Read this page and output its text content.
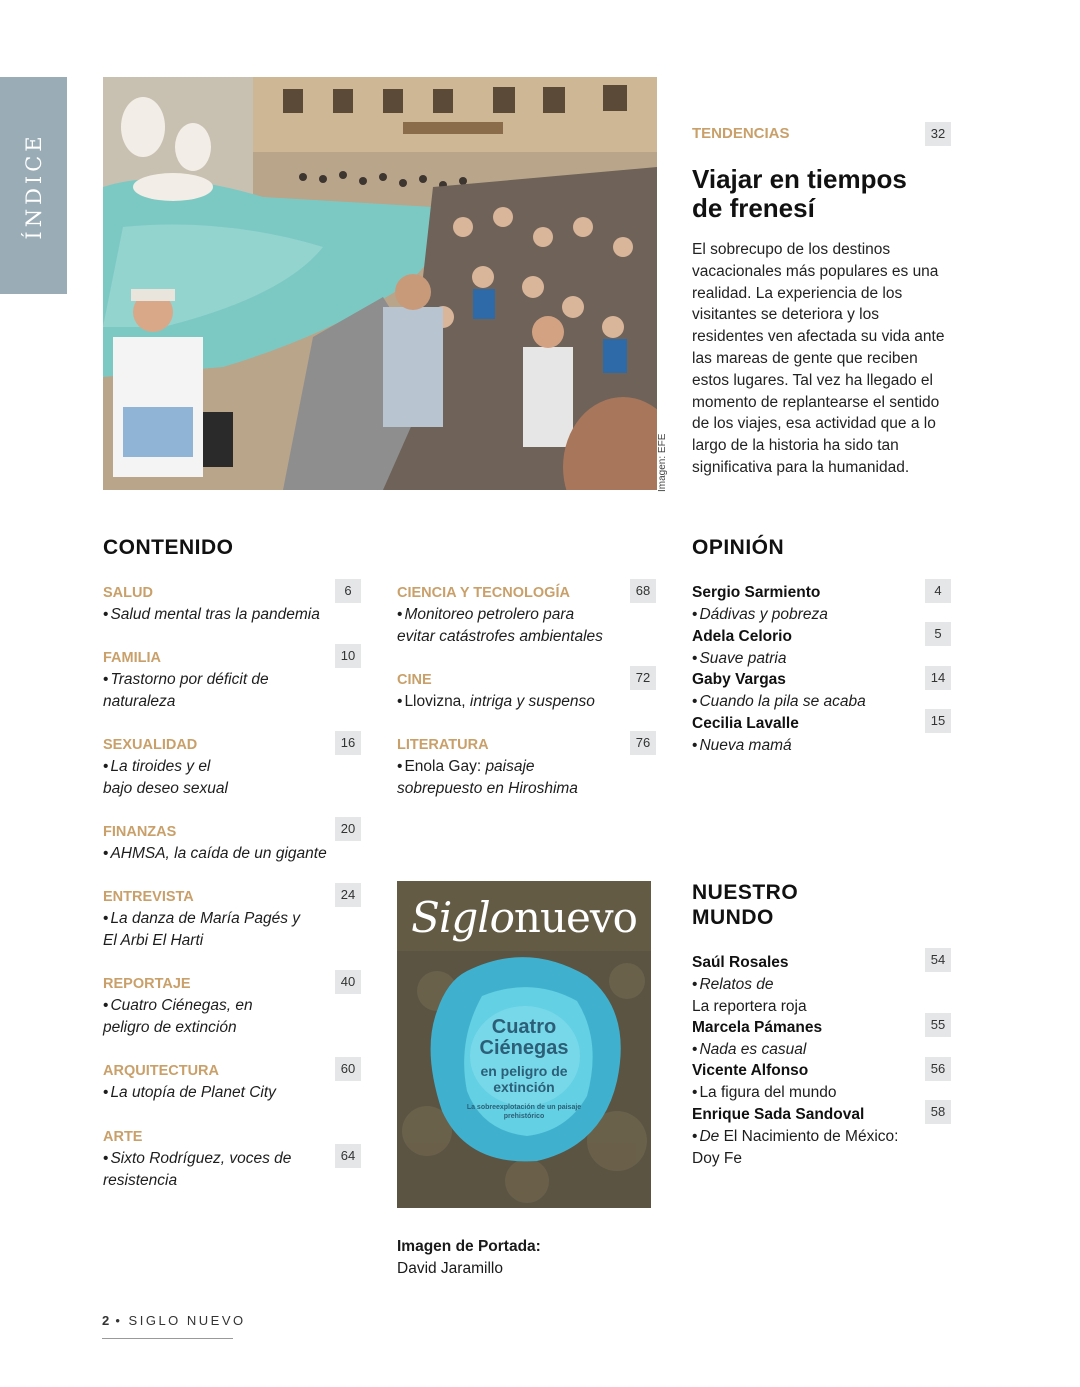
ÍNDICE
Imagen: EFE
TENDENCIAS
Viajar en tiempos
de frenesí

El sobrecupo de los destinos vacacionales más populares es una realidad. La experiencia de los visitantes se deteriora y los residentes ven afectada su vida ante las mareas de gente que reciben estos lugares. Tal vez ha llegado el momento de replantearse el sentido de los viajes, esa actividad que a lo largo de la historia ha sido tan significativa para la humanidad.

32
CONTENIDO
SALUD
• Salud mental tras la pandemia
6
FAMILIA
• Trastorno por déficit de naturaleza
10
SEXUALIDAD
• La tiroides y el bajo deseo sexual
16
FINANZAS
• AHMSA, la caída de un gigante
20
ENTREVISTA
• La danza de María Pagés y El Arbi El Harti
24
REPORTAJE
• Cuatro Ciénegas, en peligro de extinción
40
ARQUITECTURA
• La utopía de Planet City
60
ARTE
• Sixto Rodríguez, voces de resistencia
64
CIENCIA Y TECNOLOGÍA
• Monitoreo petrolero para evitar catástrofes ambientales
68
CINE
• Llovizna, intriga y suspenso
72
LITERATURA
• Enola Gay: paisaje sobrepuesto en Hiroshima
76
OPINIÓN
Sergio Sarmiento
• Dádivas y pobreza
4
Adela Celorio
• Suave patria
5
Gaby Vargas
• Cuando la pila se acaba
14
Cecilia Lavalle
• Nueva mamá
15
NUESTRO
MUNDO
Saúl Rosales
• Relatos de
La reportera roja
54
Marcela Pámanes
• Nada es casual
55
Vicente Alfonso
• La figura del mundo
56
Enrique Sada Sandoval
• De El Nacimiento de México:
Doy Fe
58
Siglonuevo
Cuatro
Ciénegas
en peligro de
extinción
La sobreexplotación de un paisaje prehistórico
Imagen de Portada:
David Jaramillo
2 • SIGLO NUEVO
